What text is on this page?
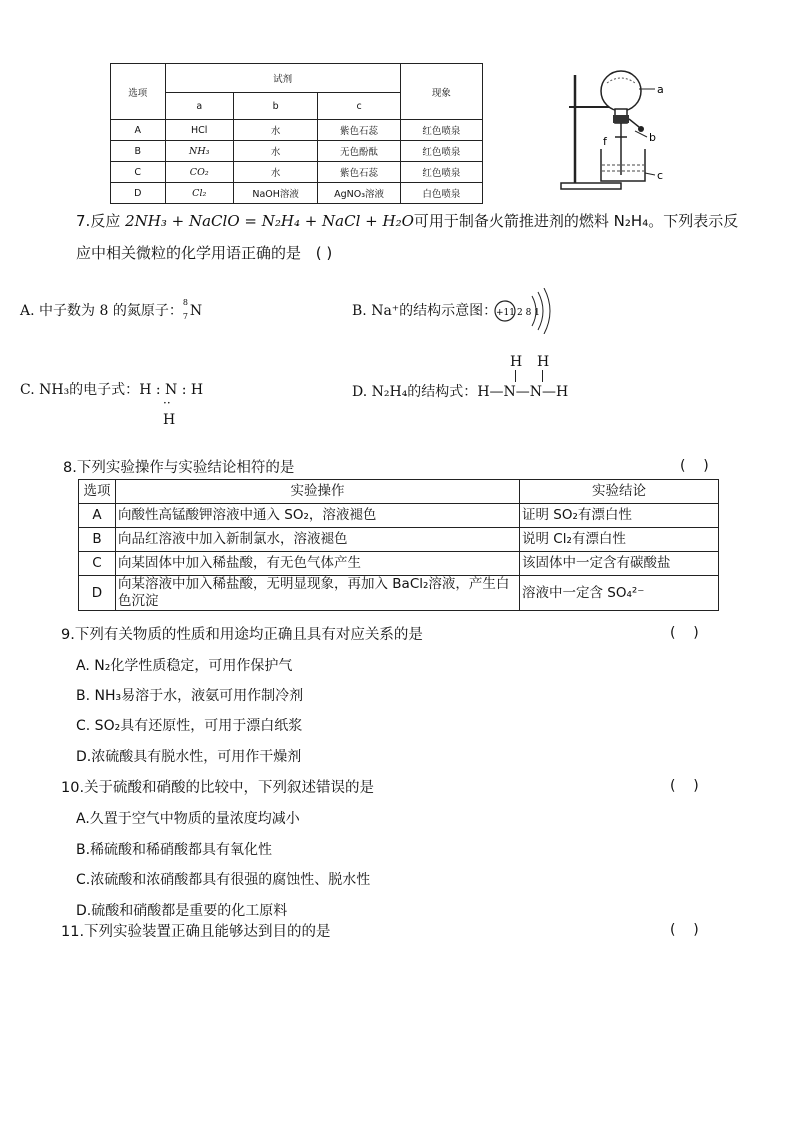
选项	试剂			现象
	a	b	c	
A	HCl	水	紫色石蕊	红色喷泉
B	NH₃	水	无色酚酞	红色喷泉
C	CO₂	水	紫色石蕊	红色喷泉
D	Cl₂	NaOH溶液	AgNO₃溶液	白色喷泉
a
b
c
f
7.反应 2NH₃ + NaClO = N₂H₄ + NaCl + H₂O可用于制备火箭推进剂的燃料 N₂H₄。下列表示反
应中相关微粒的化学用语正确的是 ( )
A. 中子数为 8 的氮原子：
8
7 N	B. Na⁺的结构示意图：
+11 2 8 1
C. NH₃的电子式：H : N : H
··
H
D. N₂H₄的结构式：H—N—N—H
H H
8.下列实验操作与实验结论相符的是	(    )
选项	实验操作	实验结论
A	向酸性高锰酸钾溶液中通入 SO₂，溶液褪色	证明 SO₂有漂白性
B	向品红溶液中加入新制氯水，溶液褪色	说明 Cl₂有漂白性
C	向某固体中加入稀盐酸，有无色气体产生	该固体中一定含有碳酸盐
D	向某溶液中加入稀盐酸，无明显现象，再加入 BaCl₂溶液，产生白色沉淀	溶液中一定含 SO₄²⁻
9.下列有关物质的性质和用途均正确且具有对应关系的是	(    )
A. N₂化学性质稳定，可用作保护气
B. NH₃易溶于水，液氨可用作制冷剂
C. SO₂具有还原性，可用于漂白纸浆
D.浓硫酸具有脱水性，可用作干燥剂
10.关于硫酸和硝酸的比较中，下列叙述错误的是	(    )
A.久置于空气中物质的量浓度均减小
B.稀硫酸和稀硝酸都具有氧化性
C.浓硫酸和浓硝酸都具有很强的腐蚀性、脱水性
D.硫酸和硝酸都是重要的化工原料
11.下列实验装置正确且能够达到目的的是	(    )
